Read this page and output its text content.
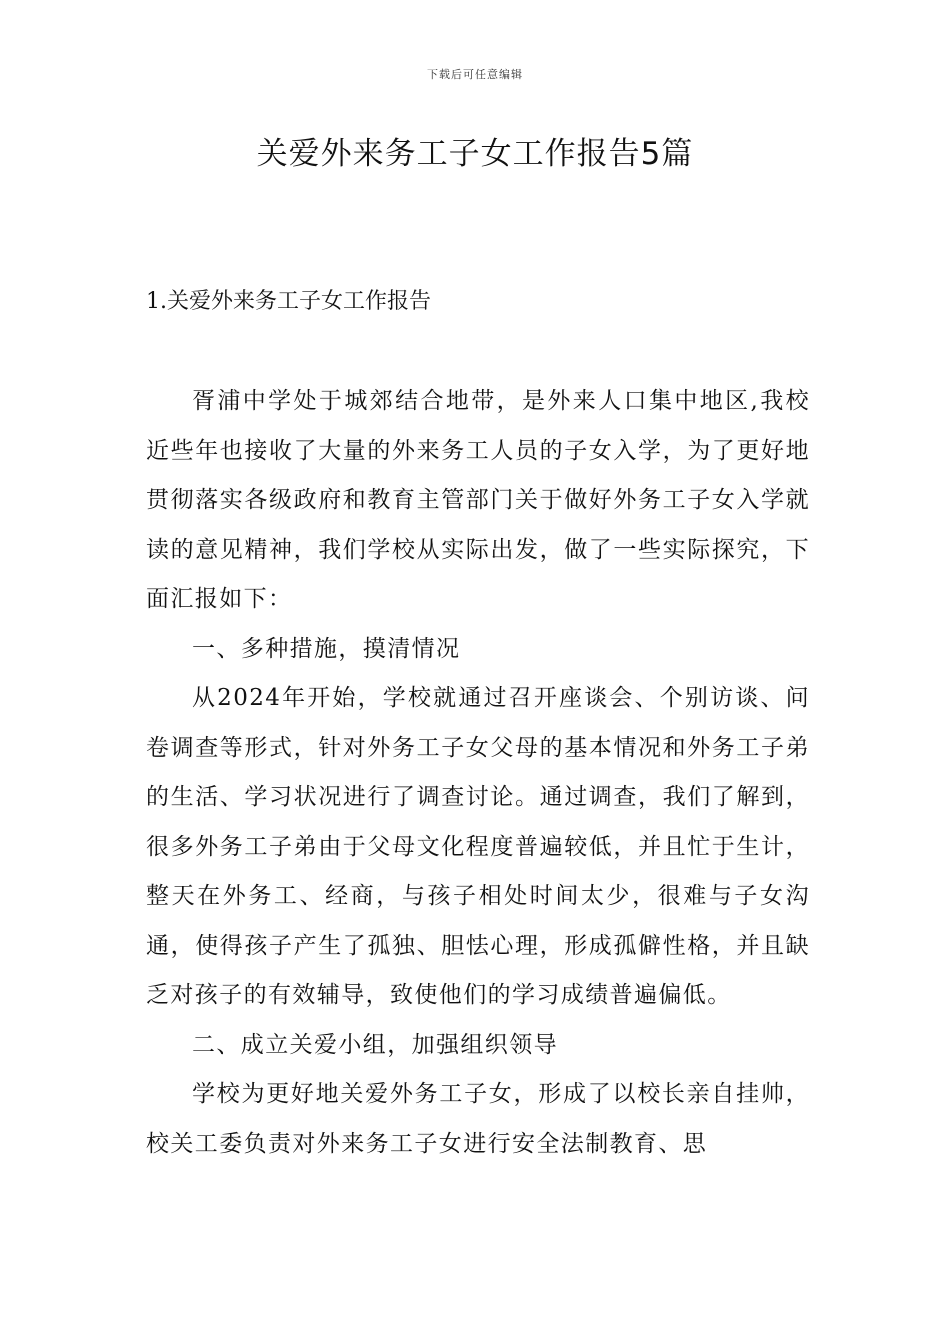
下载后可任意编辑
关爱外来务工子女工作报告5篇
1.关爱外来务工子女工作报告

胥浦中学处于城郊结合地带，是外来人口集中地区,我校近些年也接收了大量的外来务工人员的子女入学，为了更好地贯彻落实各级政府和教育主管部门关于做好外务工子女入学就读的意见精神，我们学校从实际出发，做了一些实际探究，下面汇报如下：

一、多种措施，摸清情况

从2024年开始，学校就通过召开座谈会、个别访谈、问卷调查等形式，针对外务工子女父母的基本情况和外务工子弟的生活、学习状况进行了调查讨论。通过调查，我们了解到，很多外务工子弟由于父母文化程度普遍较低，并且忙于生计，整天在外务工、经商，与孩子相处时间太少，很难与子女沟通，使得孩子产生了孤独、胆怯心理，形成孤僻性格，并且缺乏对孩子的有效辅导，致使他们的学习成绩普遍偏低。

二、成立关爱小组，加强组织领导

学校为更好地关爱外务工子女，形成了以校长亲自挂帅，校关工委负责对外来务工子女进行安全法制教育、思
